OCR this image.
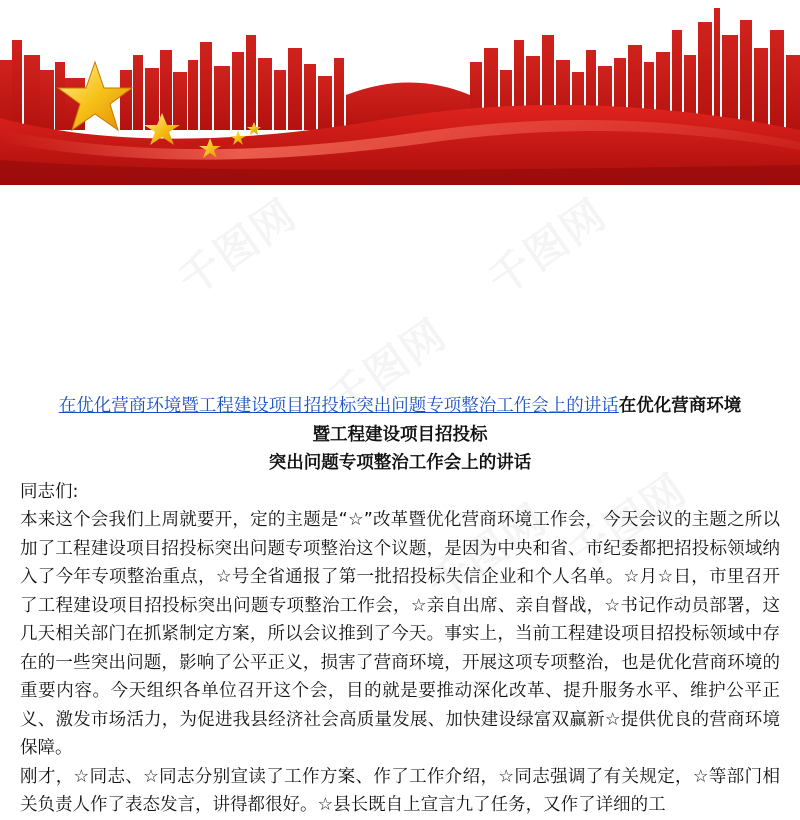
千图网	千图网
千图网
千图网 千图网
在优化营商环境暨工程建设项目招投标突出问题专项整治工作会上的讲话在优化营商环境
暨工程建设项目招投标
突出问题专项整治工作会上的讲话

同志们:

本来这个会我们上周就要开，定的主题是“☆”改革暨优化营商环境工作会，今天会议的主题之所以加了工程建设项目招投标突出问题专项整治这个议题，是因为中央和省、市纪委都把招投标领域纳入了今年专项整治重点，☆号全省通报了第一批招投标失信企业和个人名单。☆月☆日，市里召开了工程建设项目招投标突出问题专项整治工作会，☆亲自出席、亲自督战，☆书记作动员部署，这几天相关部门在抓紧制定方案，所以会议推到了今天。事实上，当前工程建设项目招投标领域中存在的一些突出问题，影响了公平正义，损害了营商环境，开展这项专项整治，也是优化营商环境的重要内容。今天组织各单位召开这个会，目的就是要推动深化改革、提升服务水平、维护公平正义、激发市场活力，为促进我县经济社会高质量发展、加快建设绿富双赢新☆提供优良的营商环境保障。

刚才，☆同志、☆同志分别宣读了工作方案、作了工作介绍，☆同志强调了有关规定，☆等部门相关负责人作了表态发言，讲得都很好。☆县长既自上宣言九了任务，又作了详细的工
